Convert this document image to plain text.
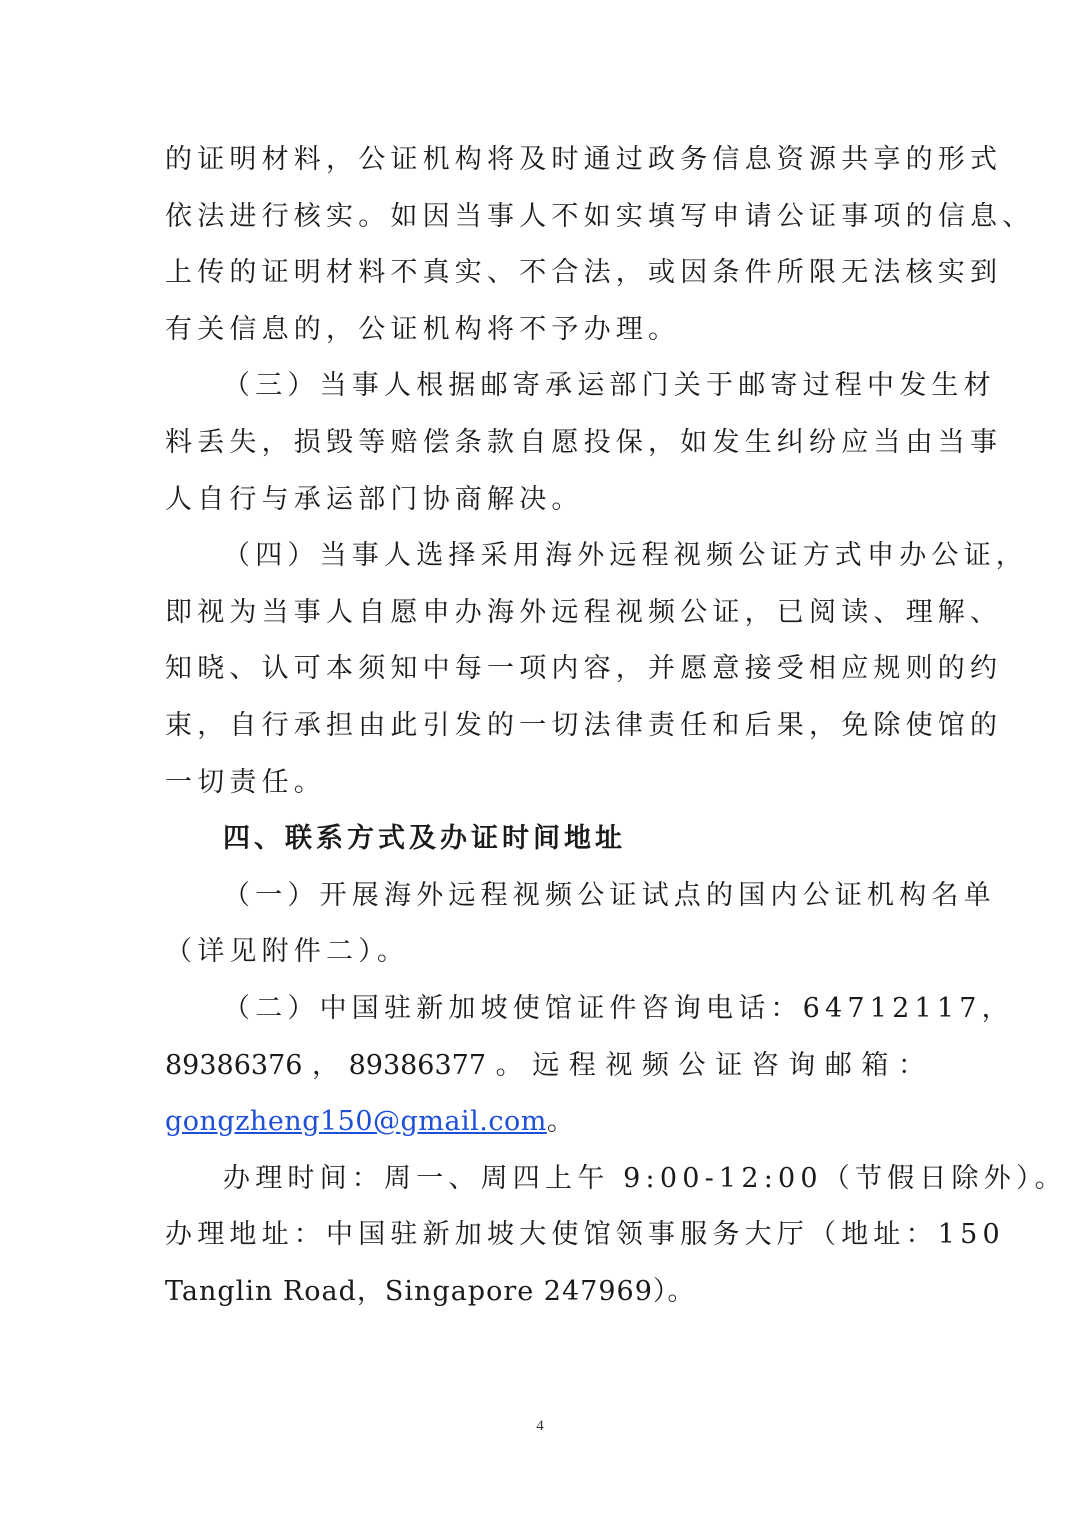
的证明材料，公证机构将及时通过政务信息资源共享的形式
依法进行核实。如因当事人不如实填写申请公证事项的信息、
上传的证明材料不真实、不合法，或因条件所限无法核实到
有关信息的，公证机构将不予办理。
（三）当事人根据邮寄承运部门关于邮寄过程中发生材
料丢失，损毁等赔偿条款自愿投保，如发生纠纷应当由当事
人自行与承运部门协商解决。
（四）当事人选择采用海外远程视频公证方式申办公证，
即视为当事人自愿申办海外远程视频公证，已阅读、理解、
知晓、认可本须知中每一项内容，并愿意接受相应规则的约
束，自行承担由此引发的一切法律责任和后果，免除使馆的
一切责任。
四、联系方式及办证时间地址
（一）开展海外远程视频公证试点的国内公证机构名单
（详见附件二）。
（二）中国驻新加坡使馆证件咨询电话：64712117，
89386376 ， 89386377 。 远 程 视 频 公 证 咨 询 邮 箱 ：
gongzheng150@gmail.com。
办理时间：周一、周四上午 9:00-12:00（节假日除外）。
办理地址：中国驻新加坡大使馆领事服务大厅（地址：150
Tanglin Road，Singapore 247969）。
4
